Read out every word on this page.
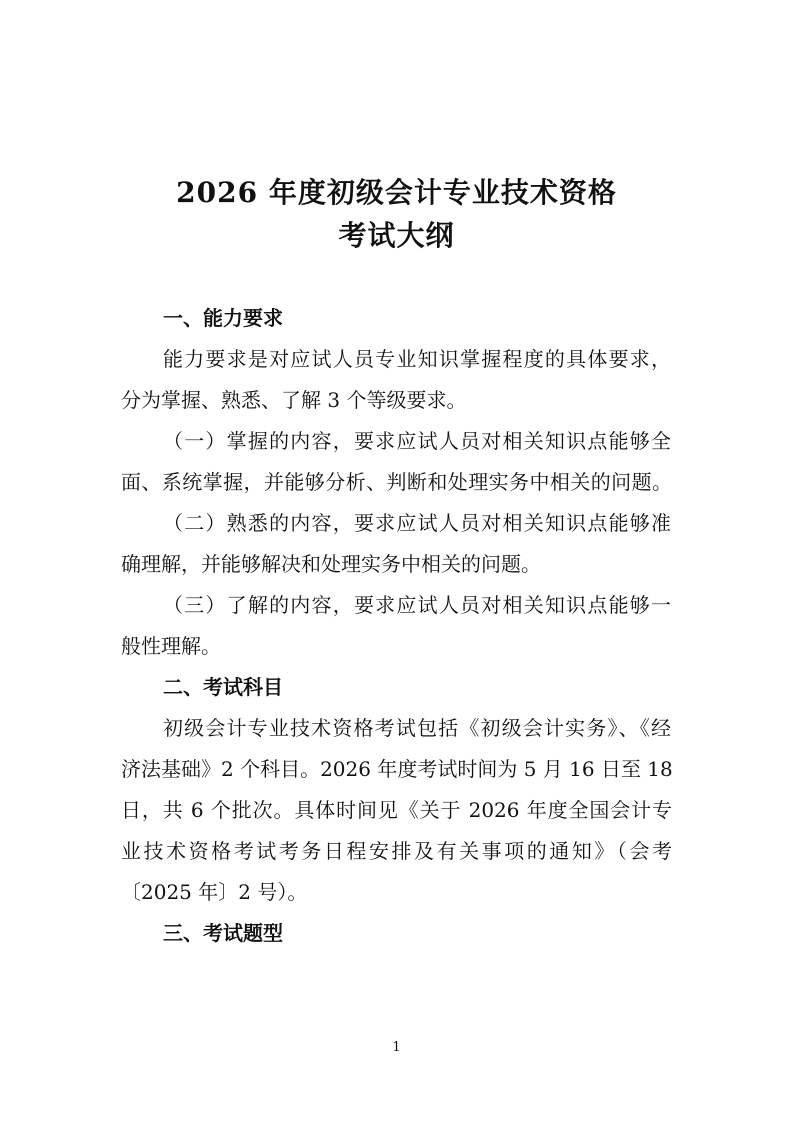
2026 年度初级会计专业技术资格
考试大纲
一、能力要求
能力要求是对应试人员专业知识掌握程度的具体要求，
分为掌握、熟悉、了解 3 个等级要求。
（一）掌握的内容，要求应试人员对相关知识点能够全
面、系统掌握，并能够分析、判断和处理实务中相关的问题。
（二）熟悉的内容，要求应试人员对相关知识点能够准
确理解，并能够解决和处理实务中相关的问题。
（三）了解的内容，要求应试人员对相关知识点能够一
般性理解。
二、考试科目
初级会计专业技术资格考试包括《初级会计实务》、《经
济法基础》2 个科目。2026 年度考试时间为 5 月 16 日至 18
日，共 6 个批次。具体时间见《关于 2026 年度全国会计专
业技术资格考试考务日程安排及有关事项的通知》（会考
〔2025 年〕2 号）。
三、考试题型
1
